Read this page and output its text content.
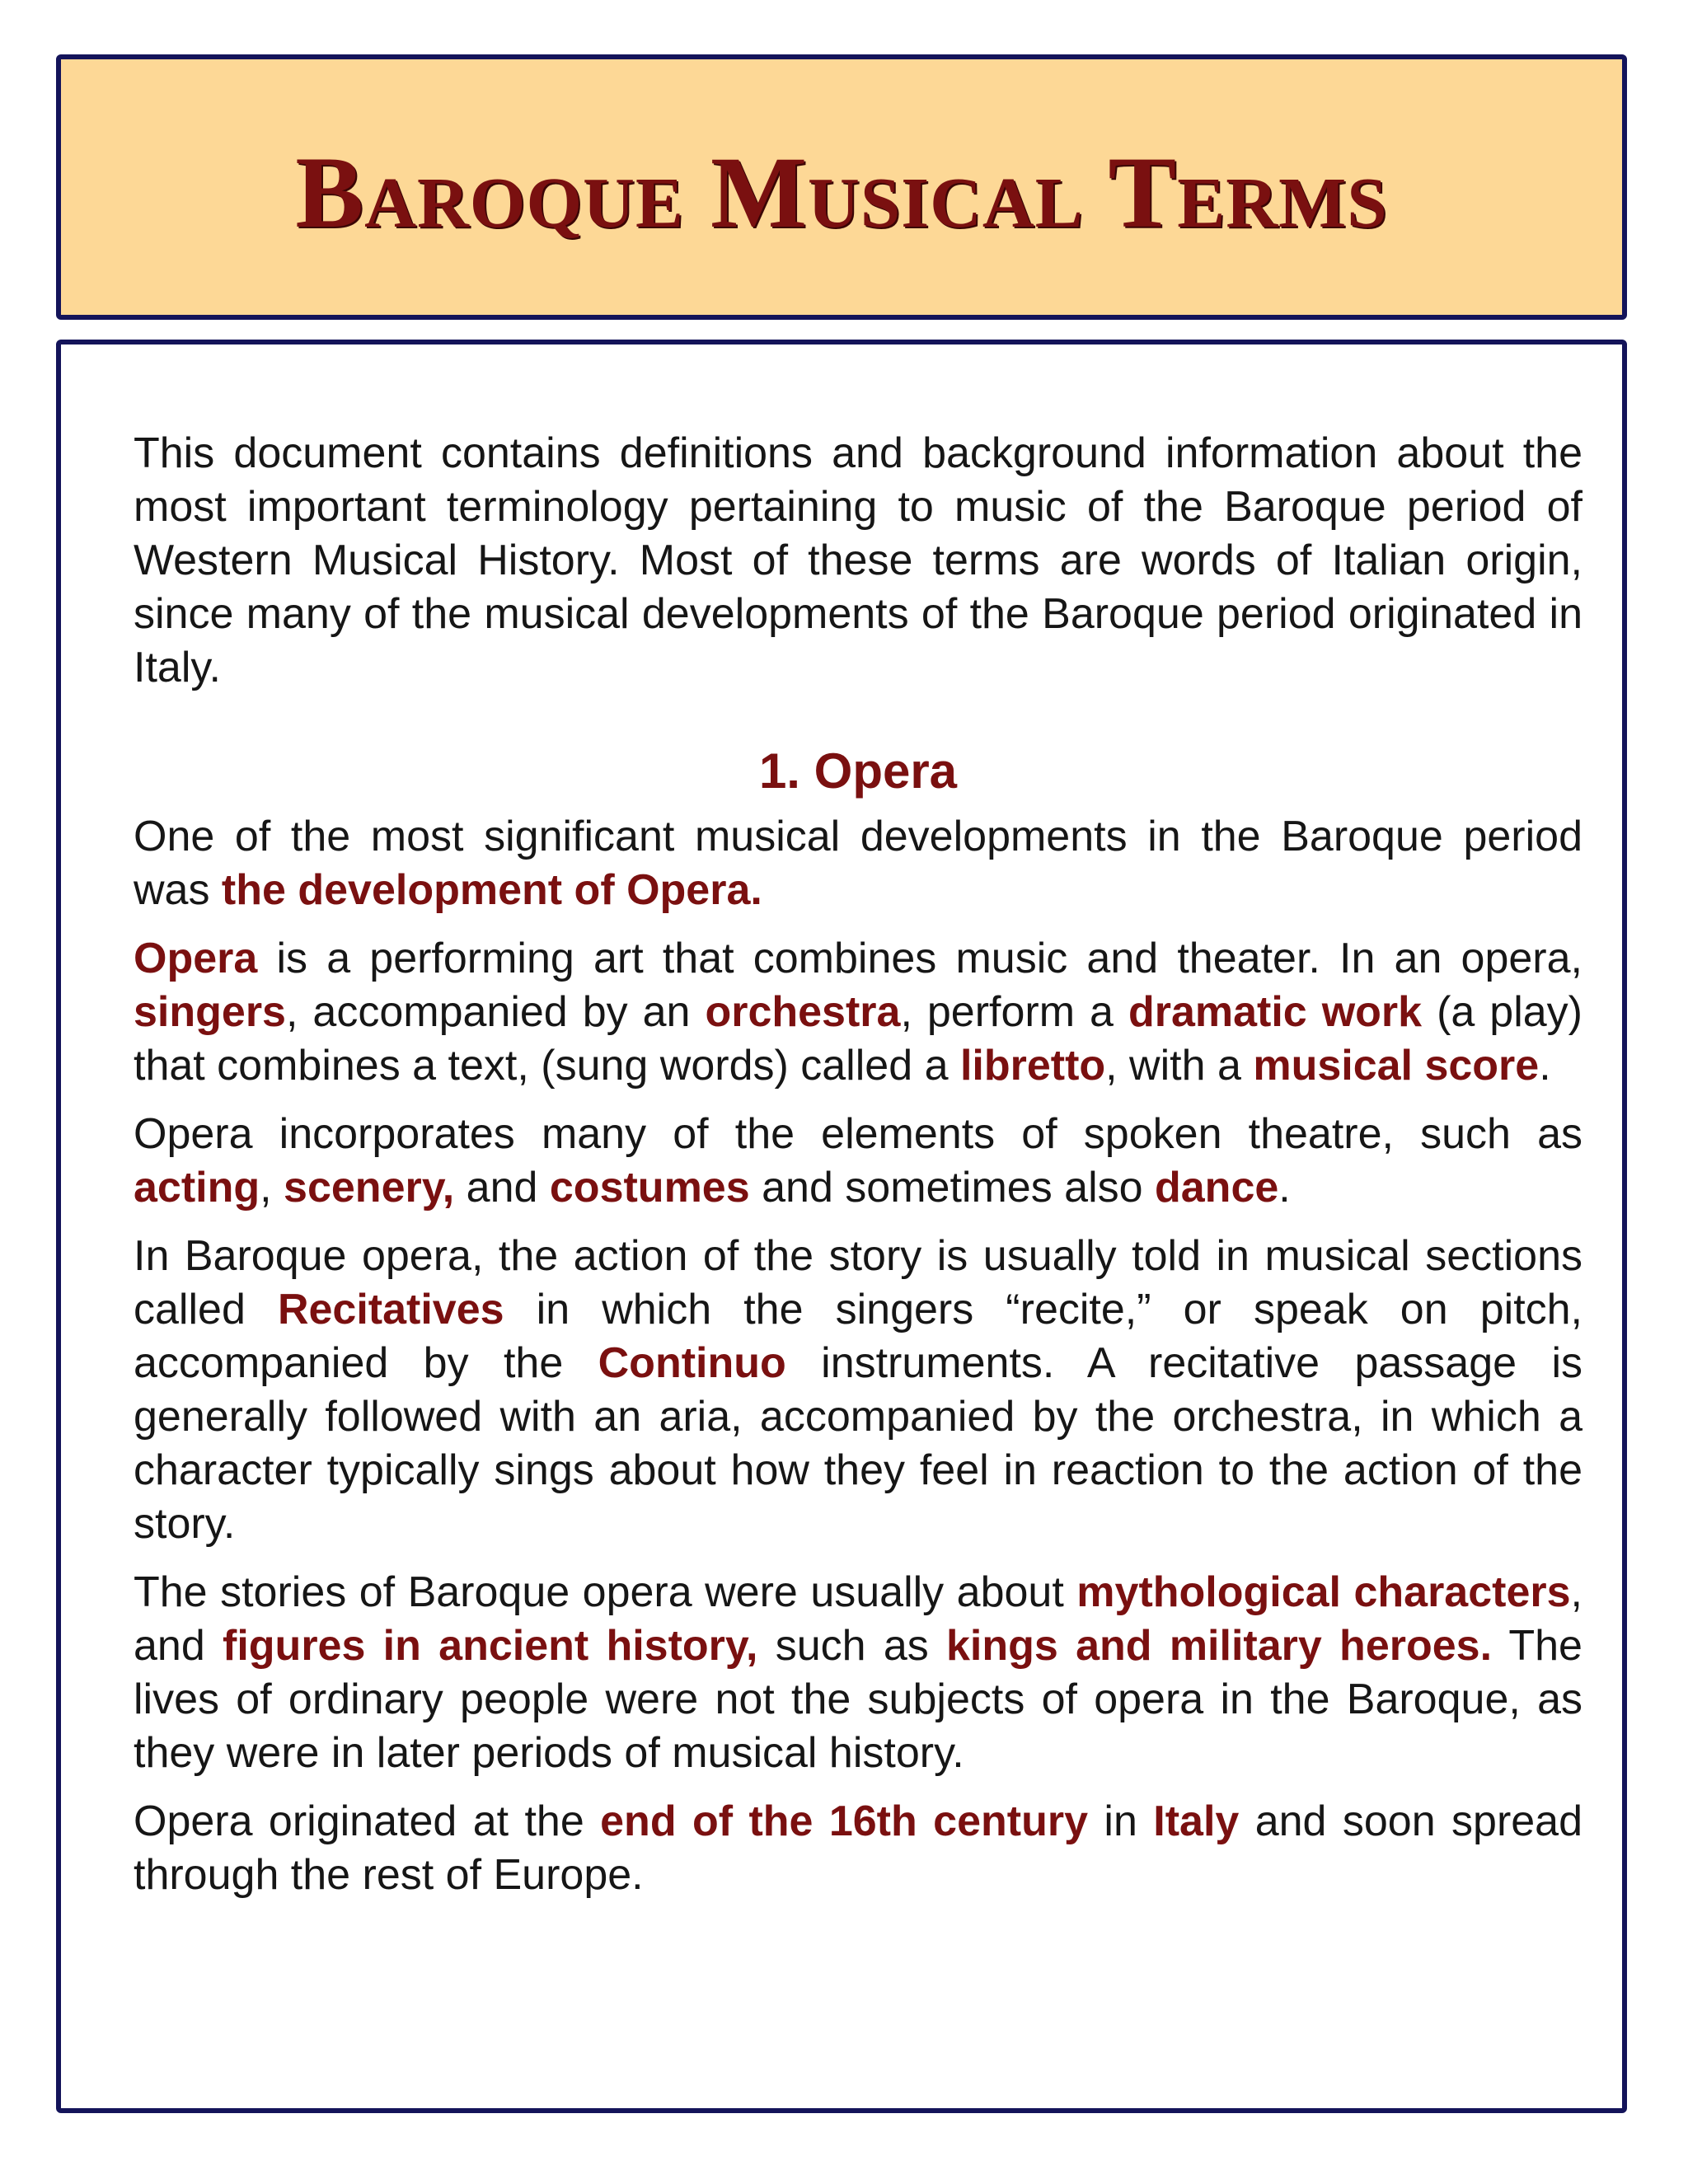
Baroque Musical Terms

This document contains definitions and background information about the most important terminology pertaining to music of the Baroque period of Western Musical History. Most of these terms are words of Italian origin, since many of the musical developments of the Baroque period originated in Italy.

1. Opera

One of the most significant musical developments in the Baroque period was the development of Opera.

Opera is a performing art that combines music and theater. In an opera, singers, accompanied by an orchestra, perform a dramatic work (a play) that combines a text, (sung words) called a libretto, with a musical score.

Opera incorporates many of the elements of spoken theatre, such as acting, scenery, and costumes and sometimes also dance.

In Baroque opera, the action of the story is usually told in musical sections called Recitatives in which the singers “recite,” or speak on pitch, accompanied by the Continuo instruments. A recitative passage is generally followed with an aria, accompanied by the orchestra, in which a character typically sings about how they feel in reaction to the action of the story.

The stories of Baroque opera were usually about mythological characters, and figures in ancient history, such as kings and military heroes. The lives of ordinary people were not the subjects of opera in the Baroque, as they were in later periods of musical history.

Opera originated at the end of the 16th century in Italy and soon spread through the rest of Europe.
